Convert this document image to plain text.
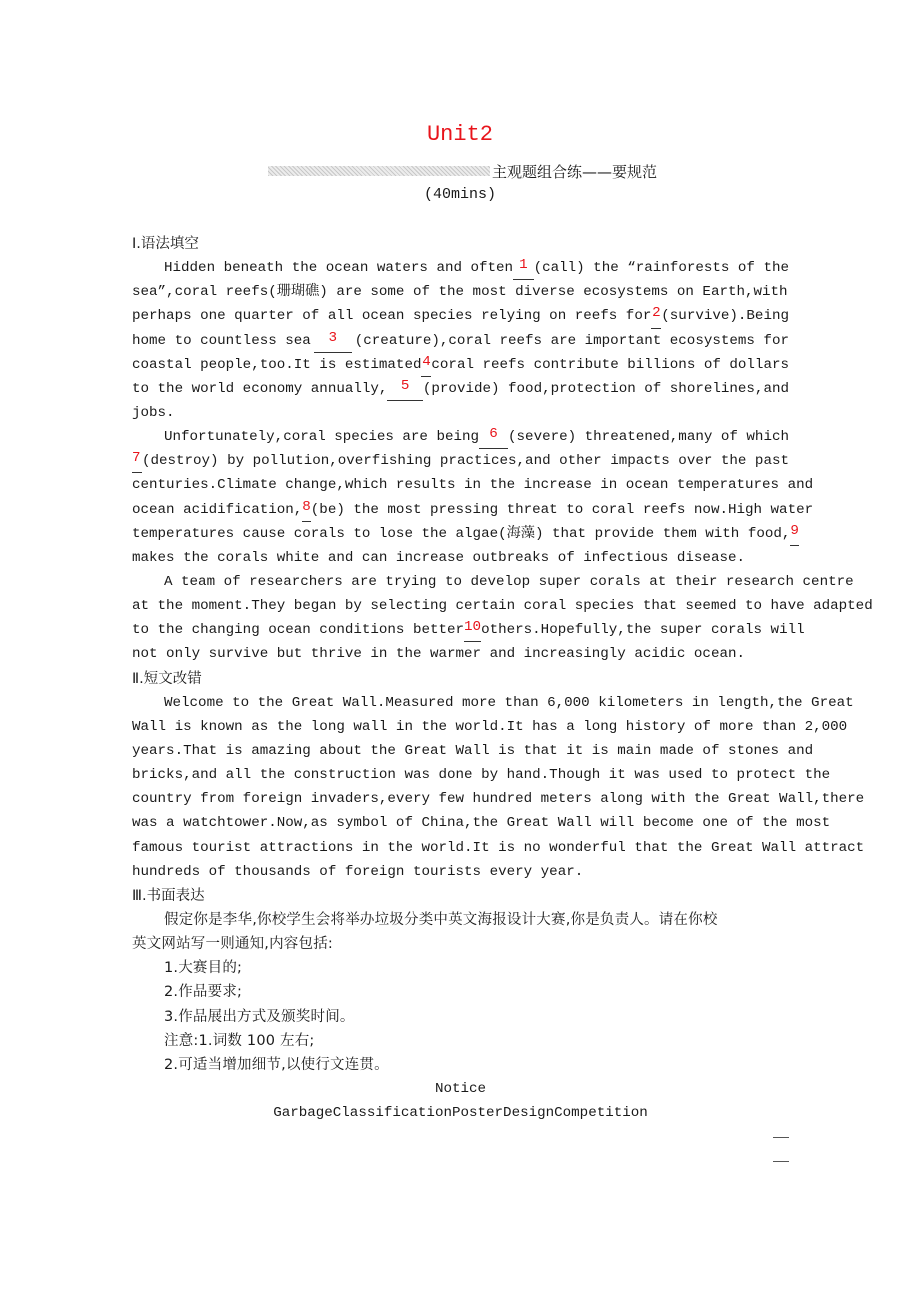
Unit2
主观题组合练——要规范
(40mins)
Ⅰ.语法填空
Hidden beneath the ocean waters and often 1 (call) the “rainforests of the
sea”,coral reefs(珊瑚礁) are some of the most diverse ecosystems on Earth,with
perhaps one quarter of all ocean species relying on reefs for 2 (survive).Being
home to countless sea	3	(creature),coral reefs are important ecosystems for
coastal people,too.It is estimated 4 coral reefs contribute billions of dollars
to the world economy annually, 5 (provide) food,protection of shorelines,and
jobs.
Unfortunately,coral species are being 6 (severe) threatened,many of which
7 (destroy) by pollution,overfishing practices,and other impacts over the past
centuries.Climate change,which results in the increase in ocean temperatures and
ocean acidification, 8 (be) the most pressing threat to coral reefs now.High water
temperatures cause corals to lose the algae(海藻) that provide them with food, 9
makes the corals white and can increase outbreaks of infectious disease.
A team of researchers are trying to develop super corals at their research centre
at the moment.They began by selecting certain coral species that seemed to have adapted
to the changing ocean conditions better 10 others.Hopefully,the super corals will
not only survive but thrive in the warmer and increasingly acidic ocean.
Ⅱ.短文改错
Welcome to the Great Wall.Measured more than 6,000 kilometers in length,the Great
Wall is known as the long wall in the world.It has a long history of more than 2,000
years.That is amazing about the Great Wall is that it is main made of stones and
bricks,and all the construction was done by hand.Though it was used to protect the
country from foreign invaders,every few hundred meters along with the Great Wall,there
was a watchtower.Now,as symbol of China,the Great Wall will become one of the most
famous tourist attractions in the world.It is no wonderful that the Great Wall attract
hundreds of thousands of foreign tourists every year.
Ⅲ.书面表达
假定你是李华,你校学生会将举办垃圾分类中英文海报设计大赛,你是负责人。请在你校
英文网站写一则通知,内容包括:
1.大赛目的;
2.作品要求;
3.作品展出方式及颁奖时间。
注意:1.词数 100 左右;
2.可适当增加细节,以使行文连贯。
Notice
GarbageClassificationPosterDesignCompetition
